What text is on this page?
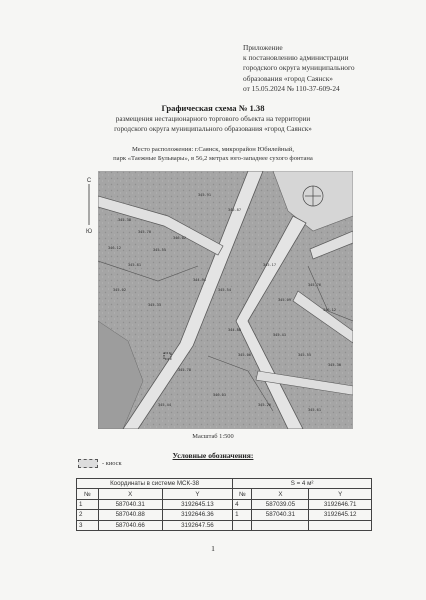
Приложение
к постановлению администрации
городского округа муниципального
образования «город Саянск»
от 15.05.2024 № 110-37-609-24
Графическая схема № 1.38
размещения нестационарного торгового объекта на территории
городского округа муниципального образования «город Саянск»
Место расположения: г.Саянск, микрорайон Юбилейный,
парк «Таежные Бульвары», в 56,2 метрах юго-западнее сухого фонтана
C
Ю
345.38
345.70
346.12	345.55
345.81
346.02
344.94
345.02
345.33
345.54
345.17
345.09
345.76
346.12
344.88
345.41
345.55
345.78
346.01
345.26
345.61
345.44
345.87
345.91
345.30
345.06
Масштаб 1:500
Условные обозначения:
- киоск
Координаты в системе МСК-38			S = 4 м²		
№	X	Y	№	X	Y
1	587040.31	3192645.13	4	587039.05	3192646.71
2	587040.88	3192646.36	1	587040.31	3192645.12
3	587040.66	3192647.56			
1
